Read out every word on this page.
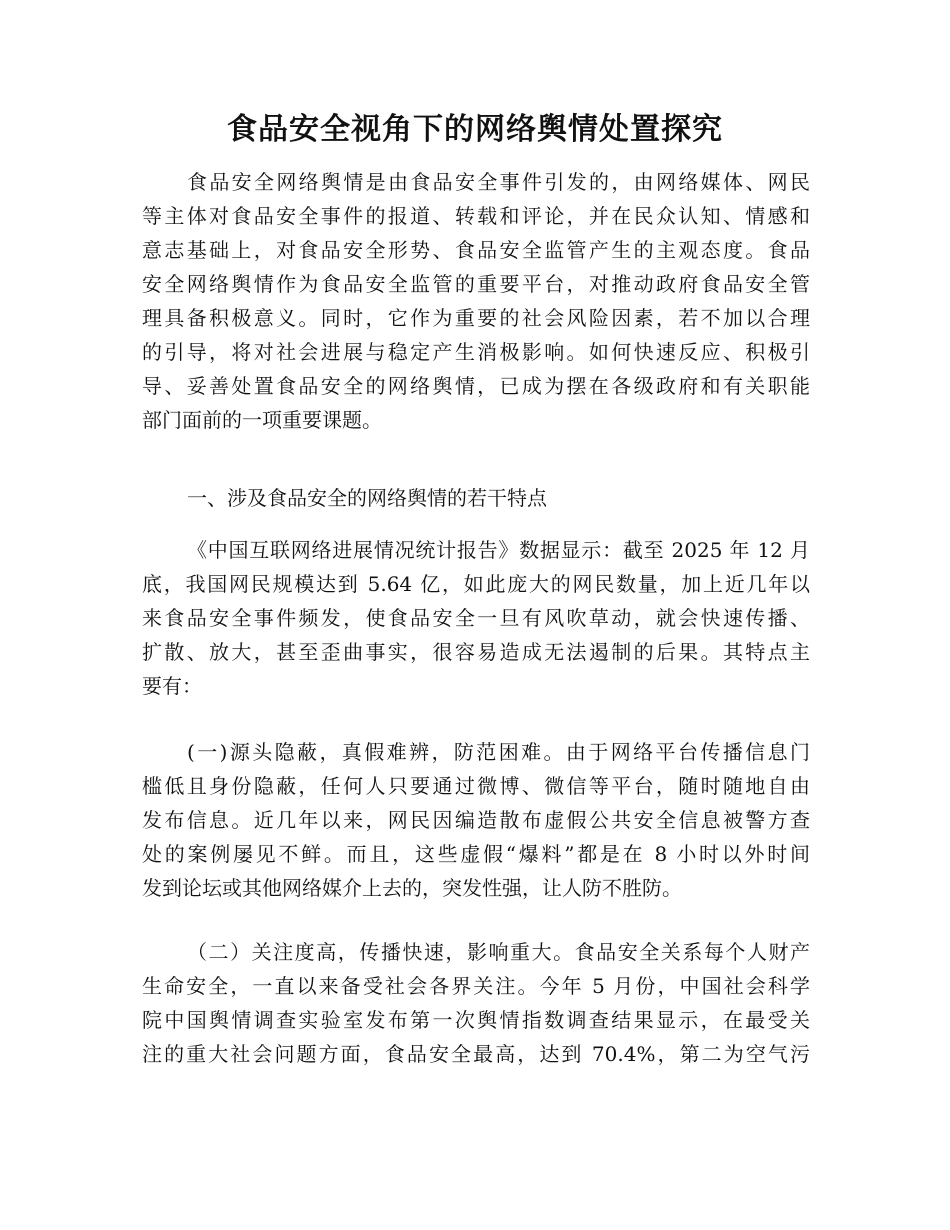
食品安全视角下的网络舆情处置探究
食品安全网络舆情是由食品安全事件引发的，由网络媒体、网民
等主体对食品安全事件的报道、转载和评论，并在民众认知、情感和
意志基础上，对食品安全形势、食品安全监管产生的主观态度。食品
安全网络舆情作为食品安全监管的重要平台，对推动政府食品安全管
理具备积极意义。同时，它作为重要的社会风险因素，若不加以合理
的引导，将对社会进展与稳定产生消极影响。如何快速反应、积极引
导、妥善处置食品安全的网络舆情，已成为摆在各级政府和有关职能
部门面前的一项重要课题。
一、涉及食品安全的网络舆情的若干特点
《中国互联网络进展情况统计报告》数据显示：截至 2025 年 12 月
底，我国网民规模达到 5.64 亿，如此庞大的网民数量，加上近几年以
来食品安全事件频发，使食品安全一旦有风吹草动，就会快速传播、
扩散、放大，甚至歪曲事实，很容易造成无法遏制的后果。其特点主
要有：
(一)源头隐蔽，真假难辨，防范困难。由于网络平台传播信息门
槛低且身份隐蔽，任何人只要通过微博、微信等平台，随时随地自由
发布信息。近几年以来，网民因编造散布虚假公共安全信息被警方查
处的案例屡见不鲜。而且，这些虚假“爆料”都是在 8 小时以外时间
发到论坛或其他网络媒介上去的，突发性强，让人防不胜防。
（二）关注度高，传播快速，影响重大。食品安全关系每个人财产
生命安全，一直以来备受社会各界关注。今年 5 月份，中国社会科学
院中国舆情调查实验室发布第一次舆情指数调查结果显示，在最受关
注的重大社会问题方面，食品安全最高，达到 70.4%，第二为空气污
